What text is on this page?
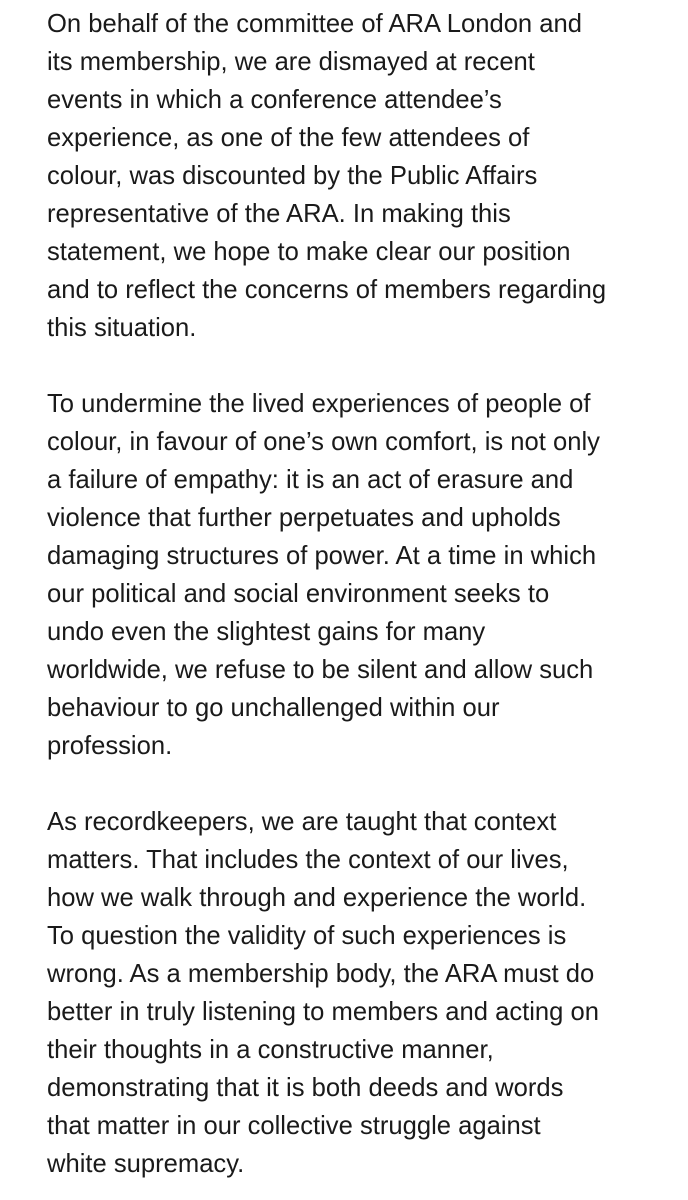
On behalf of the committee of ARA London and
its membership, we are dismayed at recent
events in which a conference attendee’s
experience, as one of the few attendees of
colour, was discounted by the Public Affairs
representative of the ARA. In making this
statement, we hope to make clear our position
and to reflect the concerns of members regarding
this situation.

To undermine the lived experiences of people of
colour, in favour of one’s own comfort, is not only
a failure of empathy: it is an act of erasure and
violence that further perpetuates and upholds
damaging structures of power. At a time in which
our political and social environment seeks to
undo even the slightest gains for many
worldwide, we refuse to be silent and allow such
behaviour to go unchallenged within our
profession.

As recordkeepers, we are taught that context
matters. That includes the context of our lives,
how we walk through and experience the world.
To question the validity of such experiences is
wrong. As a membership body, the ARA must do
better in truly listening to members and acting on
their thoughts in a constructive manner,
demonstrating that it is both deeds and words
that matter in our collective struggle against
white supremacy.
